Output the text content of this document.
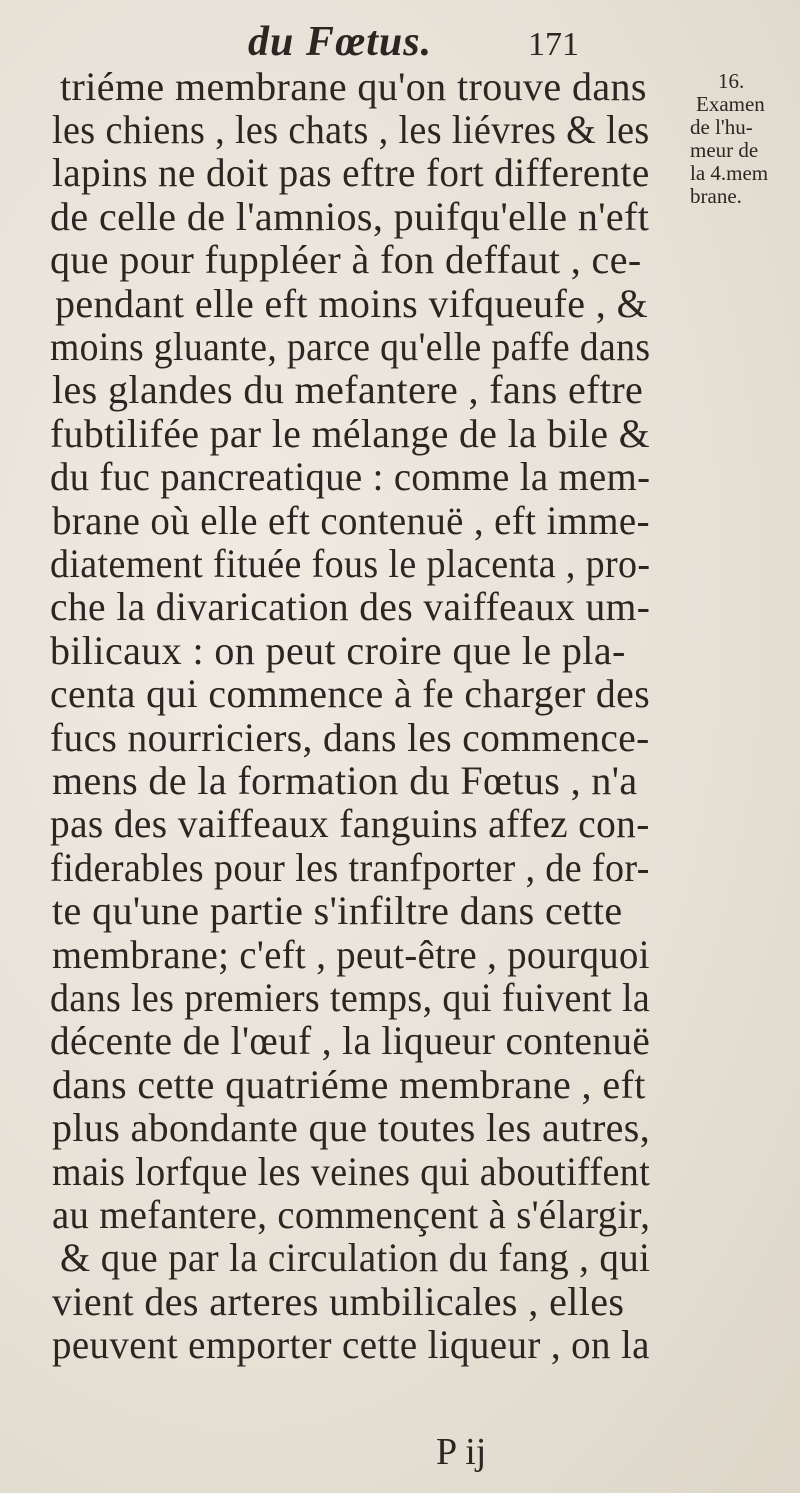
du Fœtus.	171
16.
Examen
de l'hu-
meur de
la 4.mem
brane.
triéme membrane qu'on trouve dans
les chiens , les chats , les liévres & les
lapins ne doit pas eftre fort differente
de celle de l'amnios, puifqu'elle n'eft
que pour fuppléer à fon deffaut , ce-
pendant elle eft moins vifqueufe , &
moins gluante, parce qu'elle paffe dans
les glandes du mefantere , fans eftre
fubtilifée par le mélange de la bile &
du fuc pancreatique : comme la mem-
brane où elle eft contenuë , eft imme-
diatement fituée fous le placenta , pro-
che la divarication des vaiffeaux um-
bilicaux : on peut croire que le pla-
centa qui commence à fe charger des
fucs nourriciers, dans les commence-
mens de la formation du Fœtus , n'a
pas des vaiffeaux fanguins affez con-
fiderables pour les tranfporter , de for-
te qu'une partie s'infiltre dans cette
membrane; c'eft , peut-être , pourquoi
dans les premiers temps, qui fuivent la
décente de l'œuf , la liqueur contenuë
dans cette quatriéme membrane , eft
plus abondante que toutes les autres,
mais lorfque les veines qui aboutiffent
au mefantere, commençent à s'élargir,
& que par la circulation du fang , qui
vient des arteres umbilicales , elles
peuvent emporter cette liqueur , on la
P ij
